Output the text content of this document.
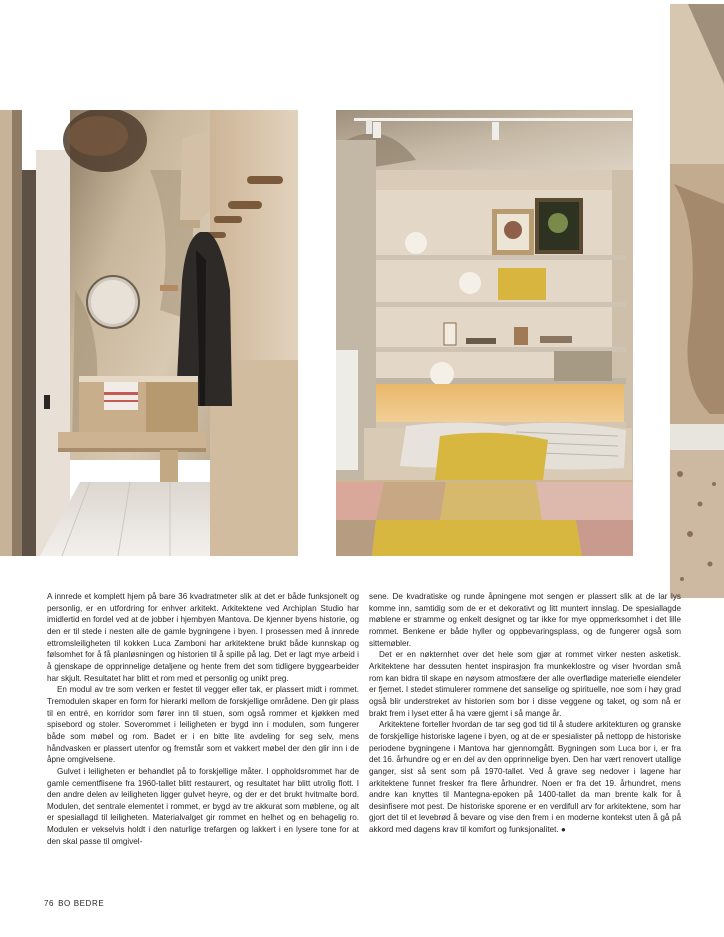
A innrede et komplett hjem på bare 36 kvadratmeter slik at det er både funksjonelt og personlig, er en utfordring for enhver arkitekt. Arkitektene ved Archiplan Studio har imidlertid en fordel ved at de jobber i hjembyen Mantova. De kjenner byens historie, og den er til stede i nesten alle de gamle bygningene i byen. I prosessen med å innrede ettromsleiligheten til kokken Luca Zamboni har arkitektene brukt både kunnskap og følsomhet for å få planløsningen og historien til å spille på lag. Det er lagt mye arbeid i å gjenskape de opprinnelige detaljene og hente frem det som tidligere byggearbeider har skjult. Resultatet har blitt et rom med et personlig og unikt preg.

En modul av tre som verken er festet til vegger eller tak, er plassert midt i rommet. Tremodulen skaper en form for hierarki mellom de forskjellige områdene. Den gir plass til en entré, en korridor som fører inn til stuen, som også rommer et kjøkken med spisebord og stoler. Soverommet i leiligheten er bygd inn i modulen, som fungerer både som møbel og rom. Badet er i en bitte lite avdeling for seg selv, mens håndvasken er plassert utenfor og fremstår som et vakkert møbel der den glir inn i de åpne omgivelsene.

Gulvet i leiligheten er behandlet på to forskjellige måter. I oppholdsrommet har de gamle cementflisene fra 1960-tallet blitt restaurert, og resultatet har blitt utrolig flott. I den andre delen av leiligheten ligger gulvet heyre, og der er det brukt hvitmalte bord. Modulen, det sentrale elementet i rommet, er bygd av tre akkurat som møblene, og alt er spesiallagd til leiligheten. Materialvalget gir rommet en helhet og en behagelig ro. Modulen er vekselvis holdt i den naturlige trefargen og lakkert i en lysere tone for at den skal passe til omgivel-

sene. De kvadratiske og runde åpningene mot sengen er plassert slik at de lar lys komme inn, samtidig som de er et dekorativt og litt muntert innslag. De spesiallagde møblene er stramme og enkelt designet og tar ikke for mye oppmerksomhet i det lille rommet. Benkene er både hyller og oppbevaringsplass, og de fungerer også som sittemøbler.

Det er en nøkternhet over det hele som gjør at rommet virker nesten asketisk. Arkitektene har dessuten hentet inspirasjon fra munkeklostre og viser hvordan små rom kan bidra til skape en nøysom atmosfære der alle overflødige materielle eiendeler er fjernet. I stedet stimulerer rommene det sanselige og spirituelle, noe som i høy grad også blir understreket av historien som bor i disse veggene og taket, og som nå er brakt frem i lyset etter å ha være gjemt i så mange år.

Arkitektene forteller hvordan de tar seg god tid til å studere arkitekturen og granske de forskjellige historiske lagene i byen, og at de er spesialister på nettopp de historiske periodene bygningene i Mantova har gjennomgått. Bygningen som Luca bor i, er fra det 16. århundre og er en del av den opprinnelige byen. Den har vært renovert utallige ganger, sist så sent som på 1970-tallet. Ved å grave seg nedover i lagene har arkitektene funnet fresker fra flere århundrer. Noen er fra det 19. århundret, mens andre kan knyttes til Mantegna-epoken på 1400-tallet da man brente kalk for å desinfisere mot pest. De historiske sporene er en verdifull arv for arkitektene, som har gjort det til et levebrød å bevare og vise den frem i en moderne kontekst uten å gå på akkord med dagens krav til komfort og funksjonalitet. ●

76 BO BEDRE
